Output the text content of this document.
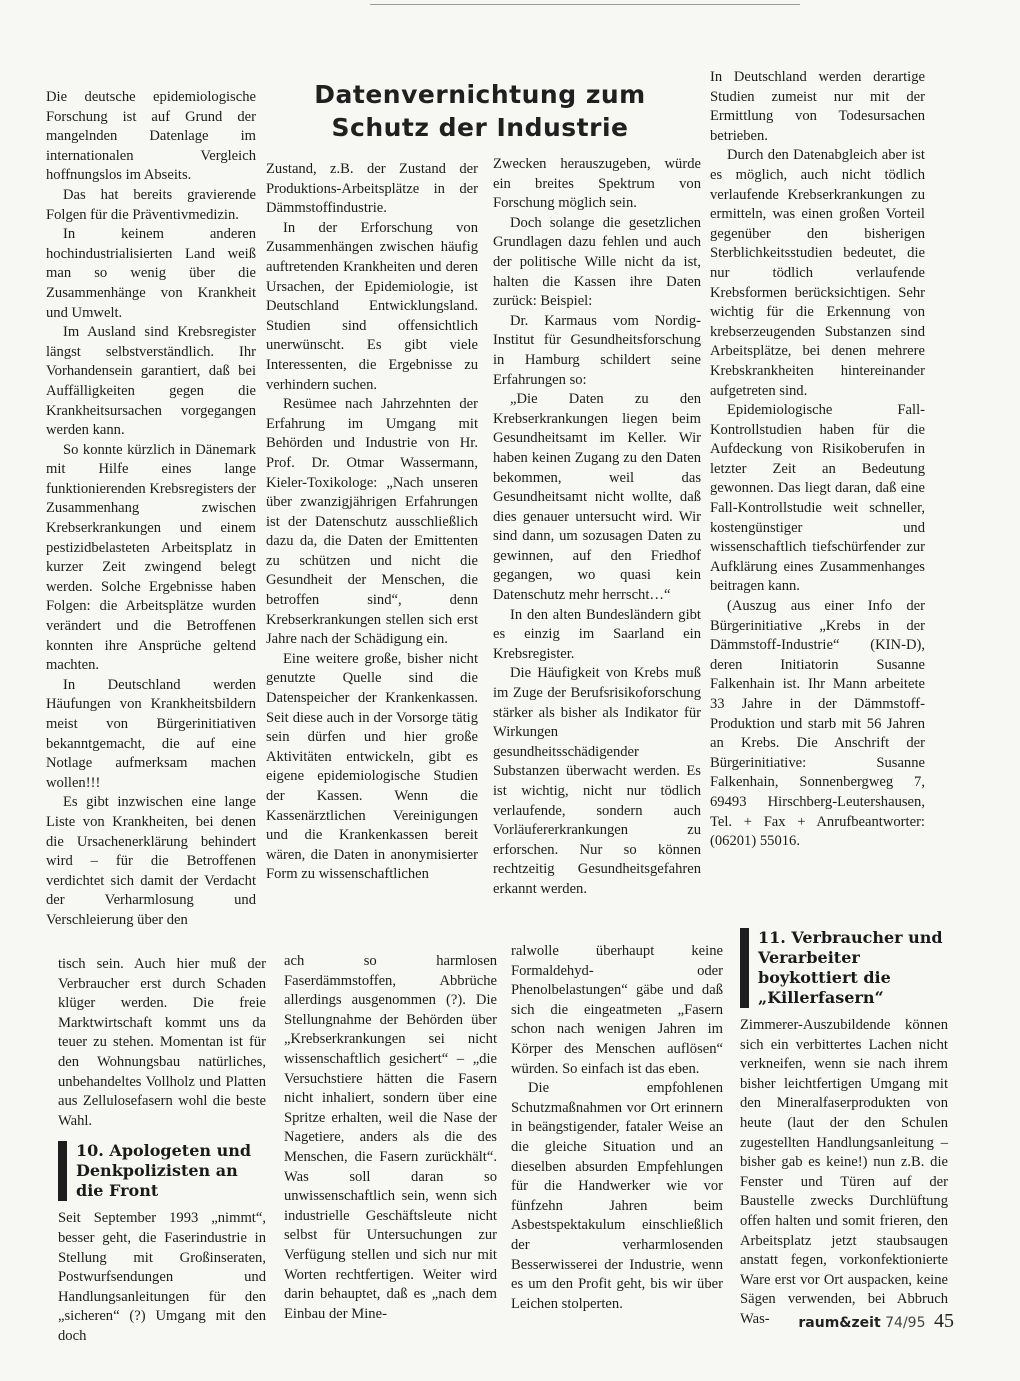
Datenvernichtung zum
Schutz der Industrie

Die deutsche epidemiologische Forschung ist auf Grund der mangelnden Datenlage im internationalen Vergleich hoffnungslos im Abseits.

Das hat bereits gravierende Folgen für die Präventivmedizin.

In keinem anderen hochindustrialisierten Land weiß man so wenig über die Zusammenhänge von Krankheit und Umwelt.

Im Ausland sind Krebsregister längst selbstverständlich. Ihr Vorhandensein garantiert, daß bei Auffälligkeiten gegen die Krankheitsursachen vorgegangen werden kann.

So konnte kürzlich in Dänemark mit Hilfe eines lange funktionierenden Krebsregisters der Zusammenhang zwischen Krebserkrankungen und einem pestizidbelasteten Arbeitsplatz in kurzer Zeit zwingend belegt werden. Solche Ergebnisse haben Folgen: die Arbeitsplätze wurden verändert und die Betroffenen konnten ihre Ansprüche geltend machten.

In Deutschland werden Häufungen von Krankheitsbildern meist von Bürgerinitiativen bekanntgemacht, die auf eine Notlage aufmerksam machen wollen!!!

Es gibt inzwischen eine lange Liste von Krankheiten, bei denen die Ursachenerklärung behindert wird – für die Betroffenen verdichtet sich damit der Verdacht der Verharmlosung und Verschleierung über den

Zustand, z.B. der Zustand der Produktions-Arbeitsplätze in der Dämmstoffindustrie.

In der Erforschung von Zusammenhängen zwischen häufig auftretenden Krankheiten und deren Ursachen, der Epidemiologie, ist Deutschland Entwicklungsland. Studien sind offensichtlich unerwünscht. Es gibt viele Interessenten, die Ergebnisse zu verhindern suchen.

Resümee nach Jahrzehnten der Erfahrung im Umgang mit Behörden und Industrie von Hr. Prof. Dr. Otmar Wassermann, Kieler-Toxikologe: „Nach unseren über zwanzigjährigen Erfahrungen ist der Datenschutz ausschließlich dazu da, die Daten der Emittenten zu schützen und nicht die Gesundheit der Menschen, die betroffen sind“, denn Krebserkrankungen stellen sich erst Jahre nach der Schädigung ein.

Eine weitere große, bisher nicht genutzte Quelle sind die Datenspeicher der Krankenkassen. Seit diese auch in der Vorsorge tätig sein dürfen und hier große Aktivitäten entwickeln, gibt es eigene epidemiologische Studien der Kassen. Wenn die Kassenärztlichen Vereinigungen und die Krankenkassen bereit wären, die Daten in anonymisierter Form zu wissenschaftlichen

Zwecken herauszugeben, würde ein breites Spektrum von Forschung möglich sein.

Doch solange die gesetzlichen Grundlagen dazu fehlen und auch der politische Wille nicht da ist, halten die Kassen ihre Daten zurück: Beispiel:

Dr. Karmaus vom Nordig-Institut für Gesundheitsforschung in Hamburg schildert seine Erfahrungen so:

„Die Daten zu den Krebserkrankungen liegen beim Gesundheitsamt im Keller. Wir haben keinen Zugang zu den Daten bekommen, weil das Gesundheitsamt nicht wollte, daß dies genauer untersucht wird. Wir sind dann, um sozusagen Daten zu gewinnen, auf den Friedhof gegangen, wo quasi kein Datenschutz mehr herrscht…“

In den alten Bundesländern gibt es einzig im Saarland ein Krebsregister.

Die Häufigkeit von Krebs muß im Zuge der Berufsrisikoforschung stärker als bisher als Indikator für Wirkungen gesundheitsschädigender Substanzen überwacht werden. Es ist wichtig, nicht nur tödlich verlaufende, sondern auch Vorläufererkrankungen zu erforschen. Nur so können rechtzeitig Gesundheitsgefahren erkannt werden.

In Deutschland werden derartige Studien zumeist nur mit der Ermittlung von Todesursachen betrieben.

Durch den Datenabgleich aber ist es möglich, auch nicht tödlich verlaufende Krebserkrankungen zu ermitteln, was einen großen Vorteil gegenüber den bisherigen Sterblichkeitsstudien bedeutet, die nur tödlich verlaufende Krebsformen berücksichtigen. Sehr wichtig für die Erkennung von krebserzeugenden Substanzen sind Arbeitsplätze, bei denen mehrere Krebskrankheiten hintereinander aufgetreten sind.

Epidemiologische Fall-Kontrollstudien haben für die Aufdeckung von Risikoberufen in letzter Zeit an Bedeutung gewonnen. Das liegt daran, daß eine Fall-Kontrollstudie weit schneller, kostengünstiger und wissenschaftlich tiefschürfender zur Aufklärung eines Zusammenhanges beitragen kann.

(Auszug aus einer Info der Bürgerinitiative „Krebs in der Dämmstoff-Industrie“ (KIN-D), deren Initiatorin Susanne Falkenhain ist. Ihr Mann arbeitete 33 Jahre in der Dämmstoff-Produktion und starb mit 56 Jahren an Krebs. Die Anschrift der Bürgerinitiative: Susanne Falkenhain, Sonnenbergweg 7, 69493 Hirschberg-Leutershausen, Tel. + Fax + Anrufbeantworter: (06201) 55016.

tisch sein. Auch hier muß der Verbraucher erst durch Schaden klüger werden. Die freie Marktwirtschaft kommt uns da teuer zu stehen. Momentan ist für den Wohnungsbau natürliches, unbehandeltes Vollholz und Platten aus Zellulosefasern wohl die beste Wahl.

10. Apologeten und Denkpolizisten an die Front

Seit September 1993 „nimmt“, besser geht, die Faserindustrie in Stellung mit Großinseraten, Postwurfsendungen und Handlungsanleitungen für den „sicheren“ (?) Umgang mit den doch

ach so harmlosen Faserdämmstoffen, Abbrüche allerdings ausgenommen (?). Die Stellungnahme der Behörden über „Krebserkrankungen sei nicht wissenschaftlich gesichert“ – „die Versuchstiere hätten die Fasern nicht inhaliert, sondern über eine Spritze erhalten, weil die Nase der Nagetiere, anders als die des Menschen, die Fasern zurückhält“. Was soll daran so unwissenschaftlich sein, wenn sich industrielle Geschäftsleute nicht selbst für Untersuchungen zur Verfügung stellen und sich nur mit Worten rechtfertigen. Weiter wird darin behauptet, daß es „nach dem Einbau der Mine-

ralwolle überhaupt keine Formaldehyd- oder Phenolbelastungen“ gäbe und daß sich die eingeatmeten „Fasern schon nach wenigen Jahren im Körper des Menschen auflösen“ würden. So einfach ist das eben.

Die empfohlenen Schutzmaßnahmen vor Ort erinnern in beängstigender, fataler Weise an die gleiche Situation und an dieselben absurden Empfehlungen für die Handwerker wie vor fünfzehn Jahren beim Asbestspektakulum einschließlich der verharmlosenden Besserwisserei der Industrie, wenn es um den Profit geht, bis wir über Leichen stolperten.

11. Verbraucher und Verarbeiter boykottiert die „Killerfasern“

Zimmerer-Auszubildende können sich ein verbittertes Lachen nicht verkneifen, wenn sie nach ihrem bisher leichtfertigen Umgang mit den Mineralfaserprodukten von heute (laut der den Schulen zugestellten Handlungsanleitung – bisher gab es keine!) nun z.B. die Fenster und Türen auf der Baustelle zwecks Durchlüftung offen halten und somit frieren, den Arbeitsplatz jetzt staubsaugen anstatt fegen, vorkonfektionierte Ware erst vor Ort auspacken, keine Sägen verwenden, bei Abbruch Was-	raum&zeit 74/95 45
